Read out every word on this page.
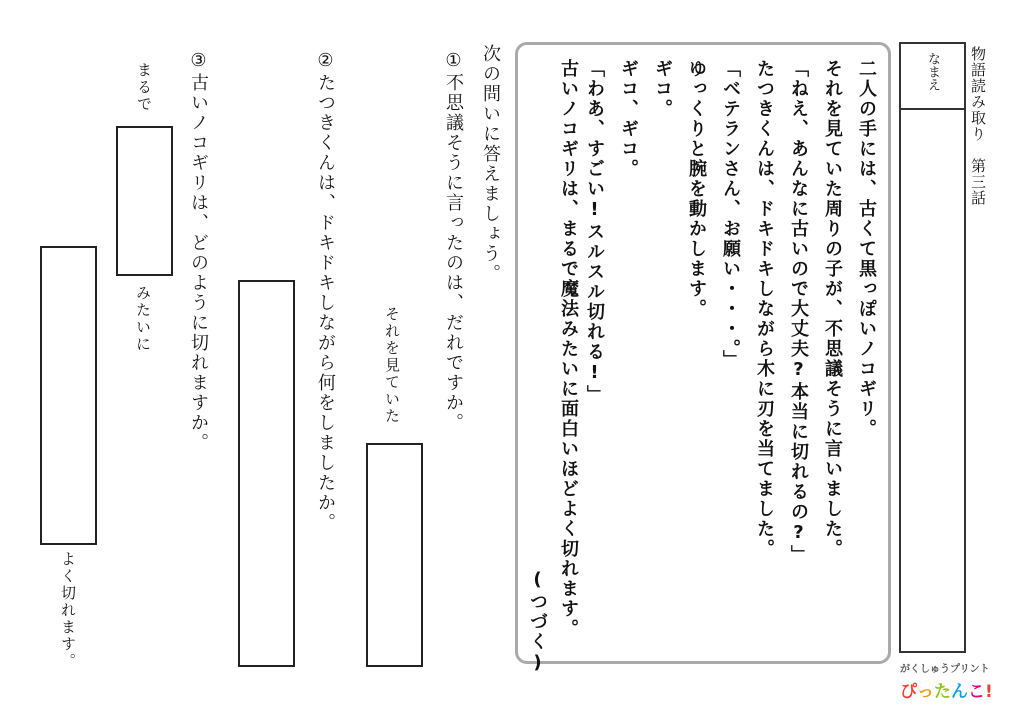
物語読み取り　第三話
なまえ
二人の手には、古くて黒っぽいノコギリ。
それを見ていた周りの子が、不思議そうに言いました。
「ねえ、あんなに古いので大丈夫?本当に切れるの?」
たつきくんは、ドキドキしながら木に刃を当てました。
「ベテランさん、お願い・・・。」
ゆっくりと腕を動かします。
ギコ。
ギコ、ギコ。
「わあ、すごい!スルスル切れる!」
古いノコギリは、まるで魔法みたいに面白いほどよく切れます。
(つづく)
次の問いに答えましょう。
①不思議そうに言ったのは、だれですか。
それを見ていた
②たつきくんは、ドキドキしながら何をしましたか。
③古いノコギリは、どのように切れますか。
まるで
みたいに
よく切れます。	がくしゅうプリント
ぴったんこ!
